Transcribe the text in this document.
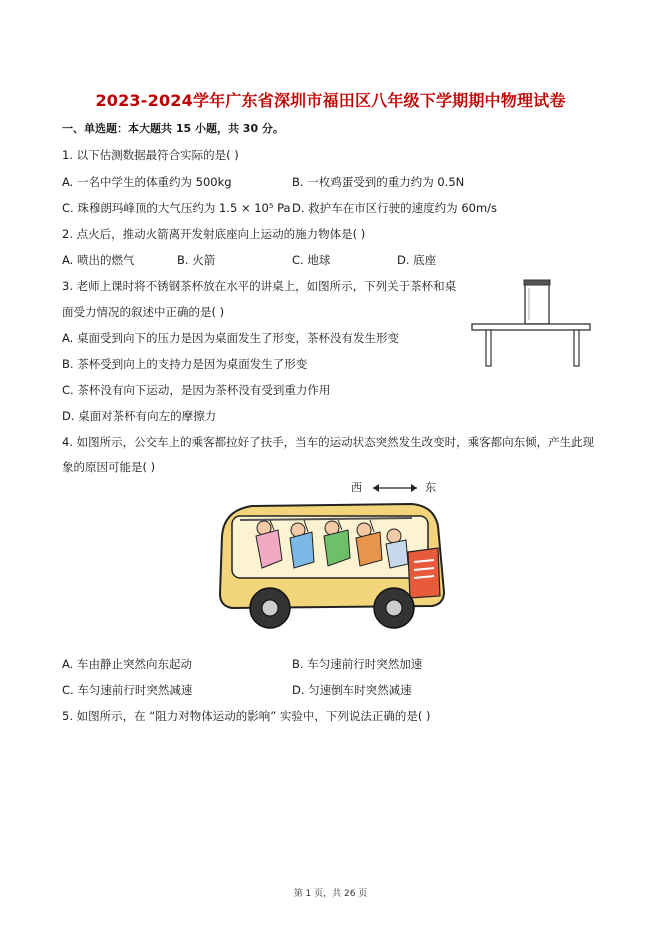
2023-2024学年广东省深圳市福田区八年级下学期期中物理试卷
一、单选题：本大题共 15 小题，共 30 分。
1. 以下估测数据最符合实际的是( )
A. 一名中学生的体重约为 500kg	B. 一枚鸡蛋受到的重力约为 0.5N
C. 珠穆朗玛峰顶的大气压约为 1.5 × 10⁵ Pa D. 救护车在市区行驶的速度约为 60m/s
2. 点火后，推动火箭离开发射底座向上运动的施力物体是( )
A. 喷出的燃气	B. 火箭	C. 地球	D. 底座
3. 老师上课时将不锈钢茶杯放在水平的讲桌上，如图所示，下列关于茶杯和桌
面受力情况的叙述中正确的是( )
A. 桌面受到向下的压力是因为桌面发生了形变，茶杯没有发生形变
B. 茶杯受到向上的支持力是因为桌面发生了形变
C. 茶杯没有向下运动，是因为茶杯没有受到重力作用
D. 桌面对茶杯有向左的摩擦力
4. 如图所示，公交车上的乘客都拉好了扶手，当车的运动状态突然发生改变时，乘客都向东倾，产生此现
象的原因可能是( )
西	东
A. 车由静止突然向东起动	B. 车匀速前行时突然加速
C. 车匀速前行时突然减速	D. 匀速倒车时突然减速
5. 如图所示，在 “阻力对物体运动的影响” 实验中，下列说法正确的是( )
第 1 页，共 26 页
